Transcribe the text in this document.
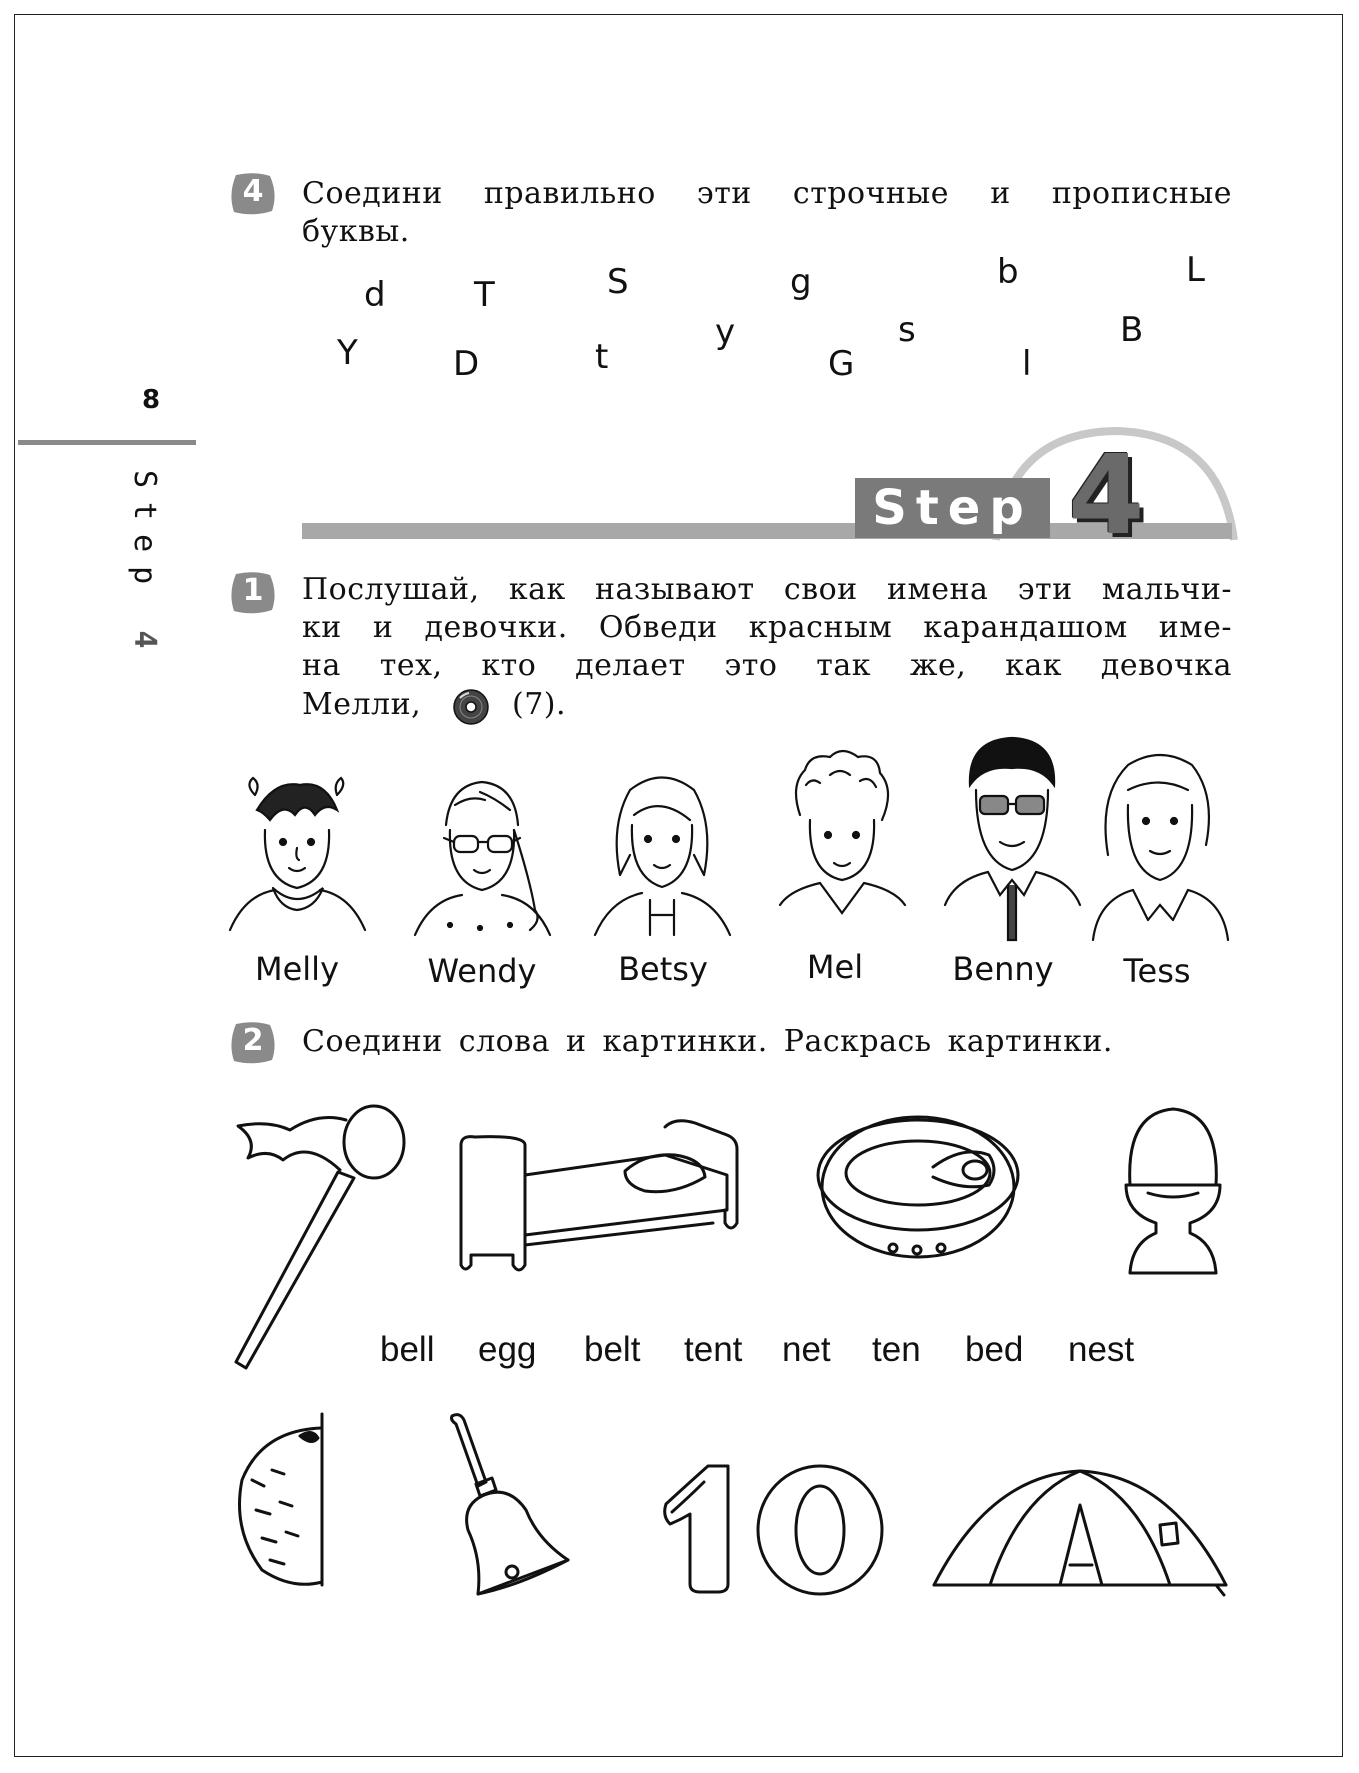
8
Step 4
4	Соедини правильно эти строчные и прописные буквы.
d	T	S	g	b	L
Y	D	t
y	s
G
B
l
Step 4
1	Послушай, как называют свои имена эти мальчи-
ки и девочки. Обведи красным карандашом име-
на тех, кто делает это так же, как девочка
Мелли,	(7).
Melly	Wendy	Betsy	Mel	Benny	Tess
2	Соедини слова и картинки. Раскрась картинки.
bell egg belt tent net ten bed nest
